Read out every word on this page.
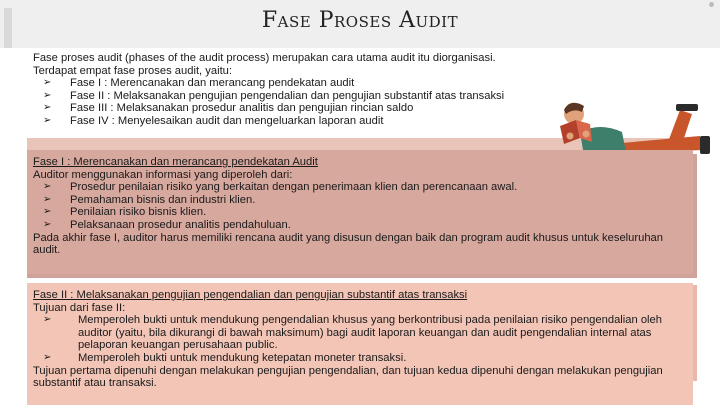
Fase Proses Audit

Fase proses audit (phases of the audit process) merupakan cara utama audit itu diorganisasi.

Terdapat empat fase proses audit, yaitu:

➢	Fase I : Merencanakan dan merancang pendekatan audit
➢	Fase II : Melaksanakan pengujian pengendalian dan pengujian substantif atas transaksi
➢	Fase III : Melaksanakan prosedur analitis dan pengujian rincian saldo
➢	Fase IV : Menyelesaikan audit dan mengeluarkan laporan audit

Fase I : Merencanakan dan merancang pendekatan Audit

Auditor menggunakan informasi yang diperoleh dari:

➢	Prosedur penilaian risiko yang berkaitan dengan penerimaan klien dan perencanaan awal.
➢	Pemahaman bisnis dan industri klien.
➢	Penilaian risiko bisnis klien.
➢	Pelaksanaan prosedur analitis pendahuluan.

Pada akhir fase I, auditor harus memiliki rencana audit yang disusun dengan baik dan program audit khusus untuk keseluruhan audit.

Fase II : Melaksanakan pengujian pengendalian dan pengujian substantif atas transaksi

Tujuan dari fase II:

➢	Memperoleh bukti untuk mendukung pengendalian khusus yang berkontribusi pada penilaian risiko pengendalian oleh auditor (yaitu, bila dikurangi di bawah maksimum) bagi audit laporan keuangan dan audit pengendalian internal atas pelaporan keuangan perusahaan public.
➢	Memperoleh bukti untuk mendukung ketepatan moneter transaksi.

Tujuan pertama dipenuhi dengan melakukan pengujian pengendalian, dan tujuan kedua dipenuhi dengan melakukan pengujian substantif atau transaksi.
